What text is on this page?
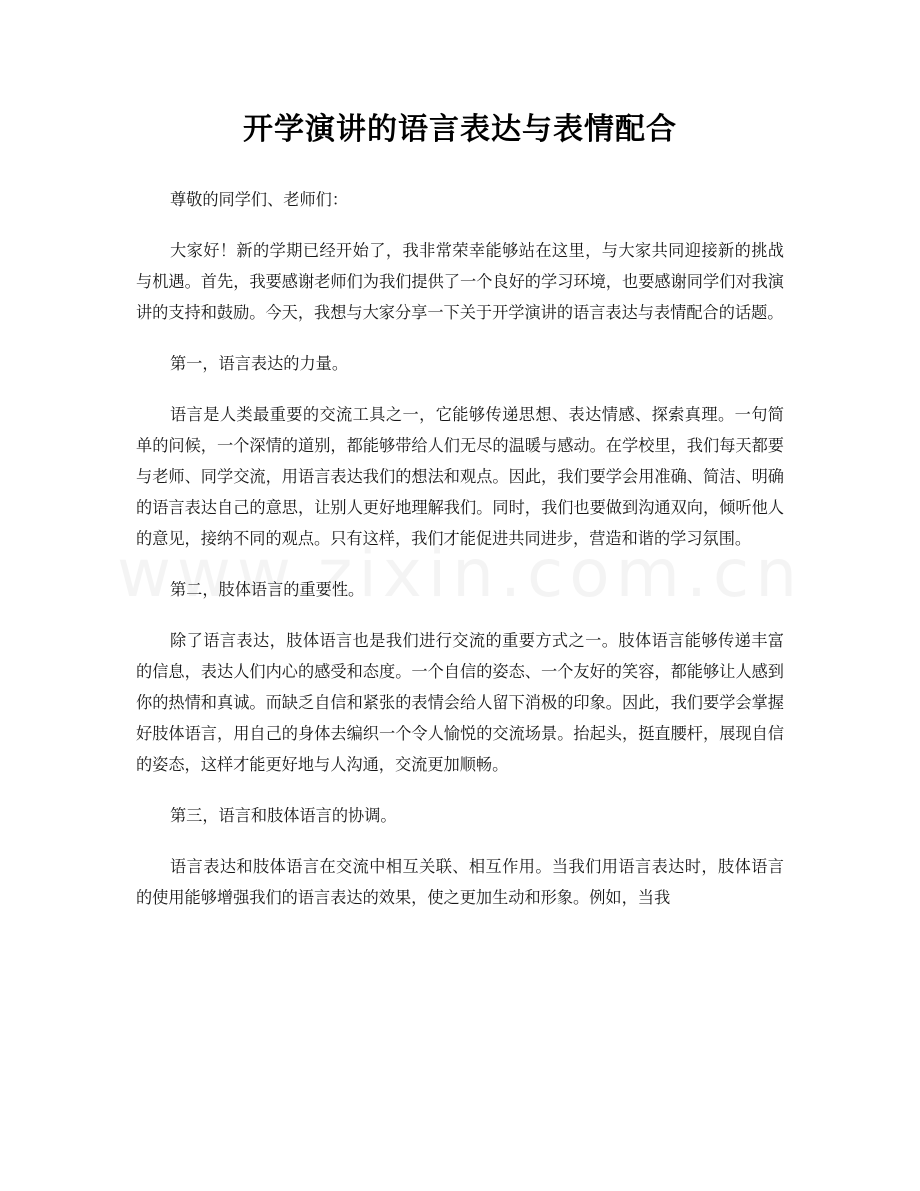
开学演讲的语言表达与表情配合

尊敬的同学们、老师们：

大家好！新的学期已经开始了，我非常荣幸能够站在这里，与大家共同迎接新的挑战与机遇。首先，我要感谢老师们为我们提供了一个良好的学习环境，也要感谢同学们对我演讲的支持和鼓励。今天，我想与大家分享一下关于开学演讲的语言表达与表情配合的话题。

第一，语言表达的力量。

语言是人类最重要的交流工具之一，它能够传递思想、表达情感、探索真理。一句简单的问候，一个深情的道别，都能够带给人们无尽的温暖与感动。在学校里，我们每天都要与老师、同学交流，用语言表达我们的想法和观点。因此，我们要学会用准确、简洁、明确的语言表达自己的意思，让别人更好地理解我们。同时，我们也要做到沟通双向，倾听他人的意见，接纳不同的观点。只有这样，我们才能促进共同进步，营造和谐的学习氛围。

第二，肢体语言的重要性。

除了语言表达，肢体语言也是我们进行交流的重要方式之一。肢体语言能够传递丰富的信息，表达人们内心的感受和态度。一个自信的姿态、一个友好的笑容，都能够让人感到你的热情和真诚。而缺乏自信和紧张的表情会给人留下消极的印象。因此，我们要学会掌握好肢体语言，用自己的身体去编织一个令人愉悦的交流场景。抬起头，挺直腰杆，展现自信的姿态，这样才能更好地与人沟通，交流更加顺畅。

第三，语言和肢体语言的协调。

语言表达和肢体语言在交流中相互关联、相互作用。当我们用语言表达时，肢体语言的使用能够增强我们的语言表达的效果，使之更加生动和形象。例如，当我
